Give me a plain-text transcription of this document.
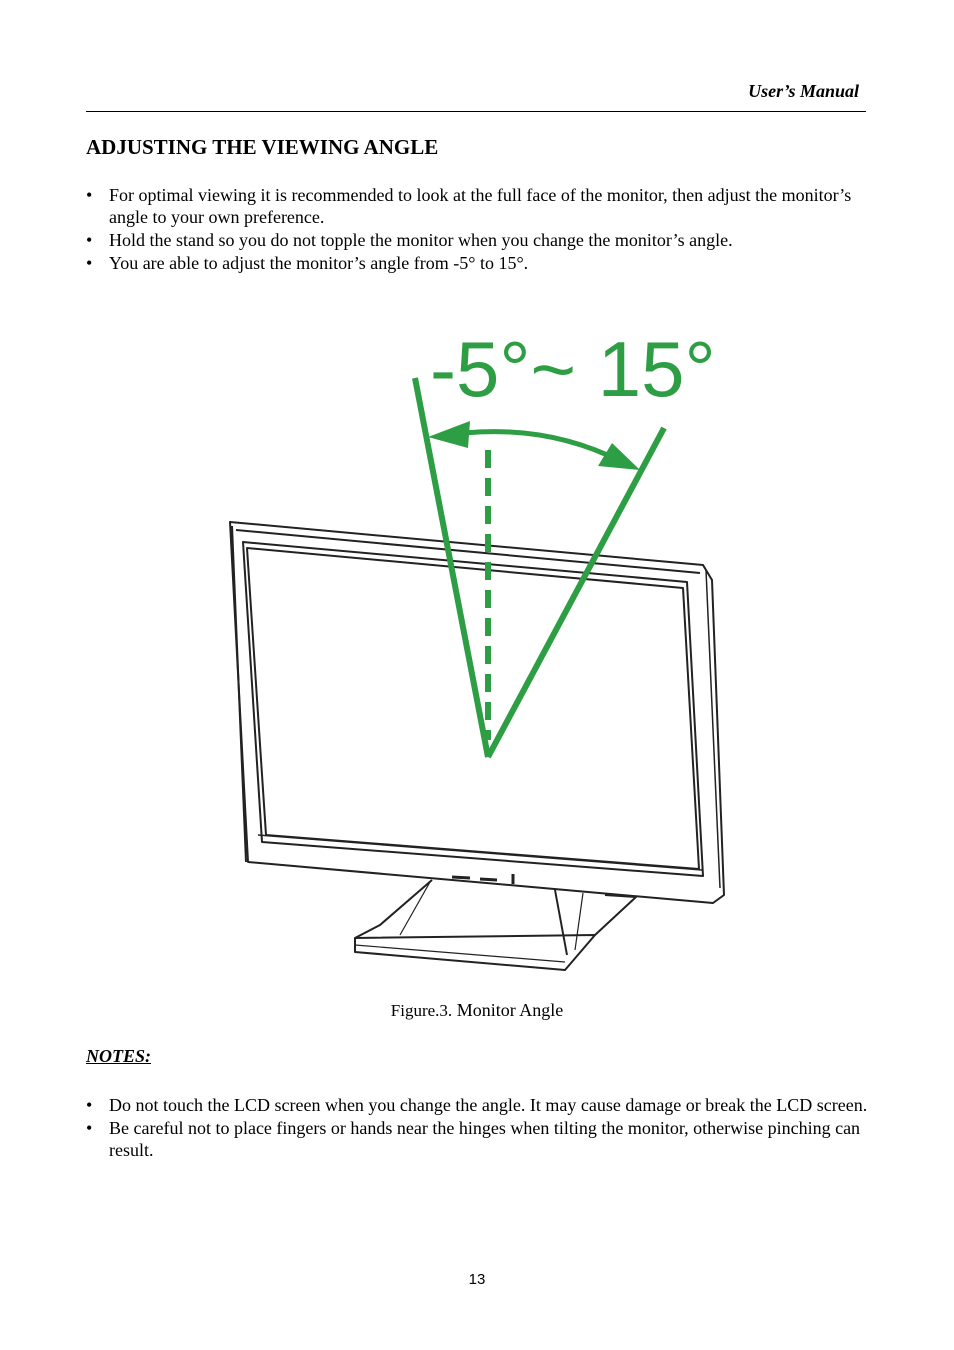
User’s Manual
ADJUSTING THE VIEWING ANGLE
• For optimal viewing it is recommended to look at the full face of the monitor, then adjust the monitor’s angle to your own preference.
• Hold the stand so you do not topple the monitor when you change the monitor’s angle.
• You are able to adjust the monitor’s angle from -5° to 15°.
-5°~ 15°
Figure.3. Monitor Angle
NOTES:
• Do not touch the LCD screen when you change the angle. It may cause damage or break the LCD screen.
• Be careful not to place fingers or hands near the hinges when tilting the monitor, otherwise pinching can result.
13
